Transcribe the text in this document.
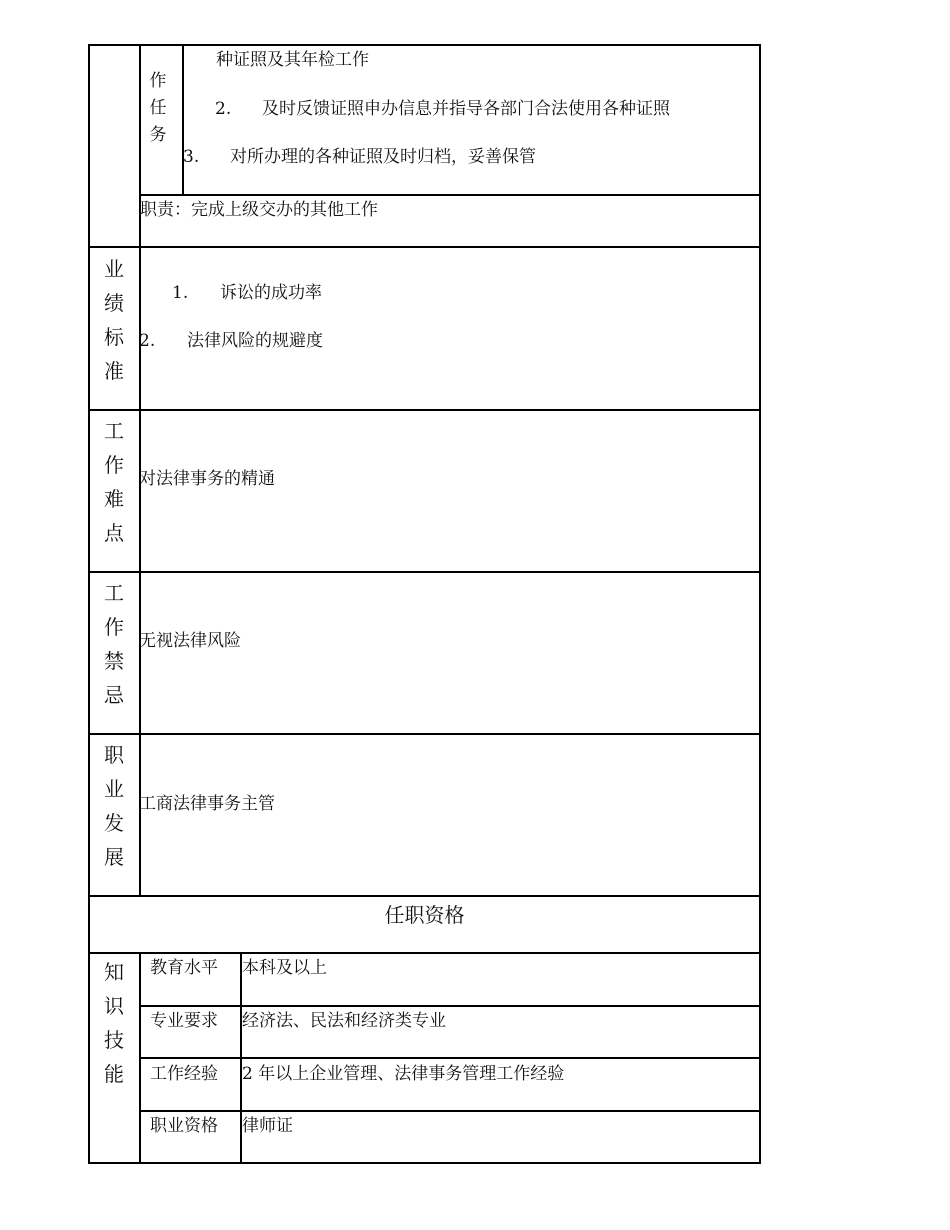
作
任
务
种证照及其年检工作
2. 及时反馈证照申办信息并指导各部门合法使用各种证照
3. 对所办理的各种证照及时归档，妥善保管
职责：完成上级交办的其他工作
业
绩
标
准
1. 诉讼的成功率
2. 法律风险的规避度
工
作
难
点
对法律事务的精通
工
作
禁
忌
无视法律风险
职
业
发
展
工商法律事务主管
任职资格
知
识
技
能
教育水平 本科及以上
专业要求 经济法、民法和经济类专业
工作经验 2 年以上企业管理、法律事务管理工作经验
职业资格 律师证
